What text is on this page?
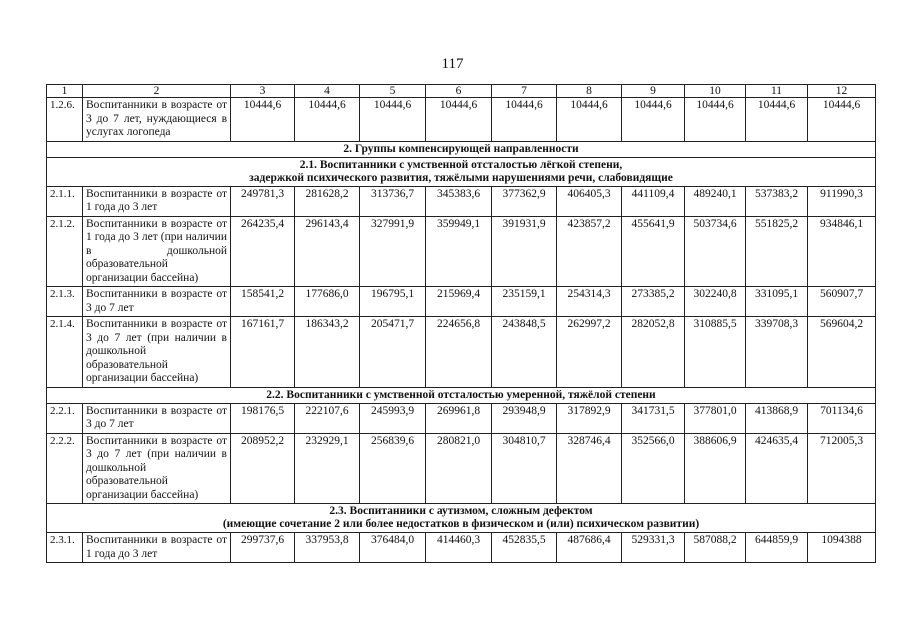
117
1	2	3	4	5	6	7	8	9	10	11	12
1.2.6.	Воспитанники в возрасте от 3 до 7 лет, нуждающиеся в услугах логопеда	10444,6	10444,6	10444,6	10444,6	10444,6	10444,6	10444,6	10444,6	10444,6	10444,6

2. Группы компенсирующей направленности											

2.1. Воспитанники с умственной отсталостью лёгкой степени,
задержкой психического развития, тяжёлыми нарушениями речи, слабовидящие											

2.1.1.	Воспитанники в возрасте от 1 года до 3 лет	249781,3	281628,2	313736,7	345383,6	377362,9	406405,3	441109,4	489240,1	537383,2	911990,3
2.1.2.	Воспитанники в возрасте от 1 года до 3 лет (при наличии в дошкольной образовательной организации бассейна)	264235,4	296143,4	327991,9	359949,1	391931,9	423857,2	455641,9	503734,6	551825,2	934846,1
2.1.3.	Воспитанники в возрасте от 3 до 7 лет	158541,2	177686,0	196795,1	215969,4	235159,1	254314,3	273385,2	302240,8	331095,1	560907,7
2.1.4.	Воспитанники в возрасте от 3 до 7 лет (при наличии в дошкольной образовательной организации бассейна)	167161,7	186343,2	205471,7	224656,8	243848,5	262997,2	282052,8	310885,5	339708,3	569604,2

2.2. Воспитанники с умственной отсталостью умеренной, тяжёлой степени											

2.2.1.	Воспитанники в возрасте от 3 до 7 лет	198176,5	222107,6	245993,9	269961,8	293948,9	317892,9	341731,5	377801,0	413868,9	701134,6
2.2.2.	Воспитанники в возрасте от 3 до 7 лет (при наличии в дошкольной образовательной организации бассейна)	208952,2	232929,1	256839,6	280821,0	304810,7	328746,4	352566,0	388606,9	424635,4	712005,3

2.3. Воспитанники с аутизмом, сложным дефектом
(имеющие сочетание 2 или более недостатков в физическом и (или) психическом развитии)											

2.3.1.	Воспитанники в возрасте от 1 года до 3 лет	299737,6	337953,8	376484,0	414460,3	452835,5	487686,4	529331,3	587088,2	644859,9	1094388
